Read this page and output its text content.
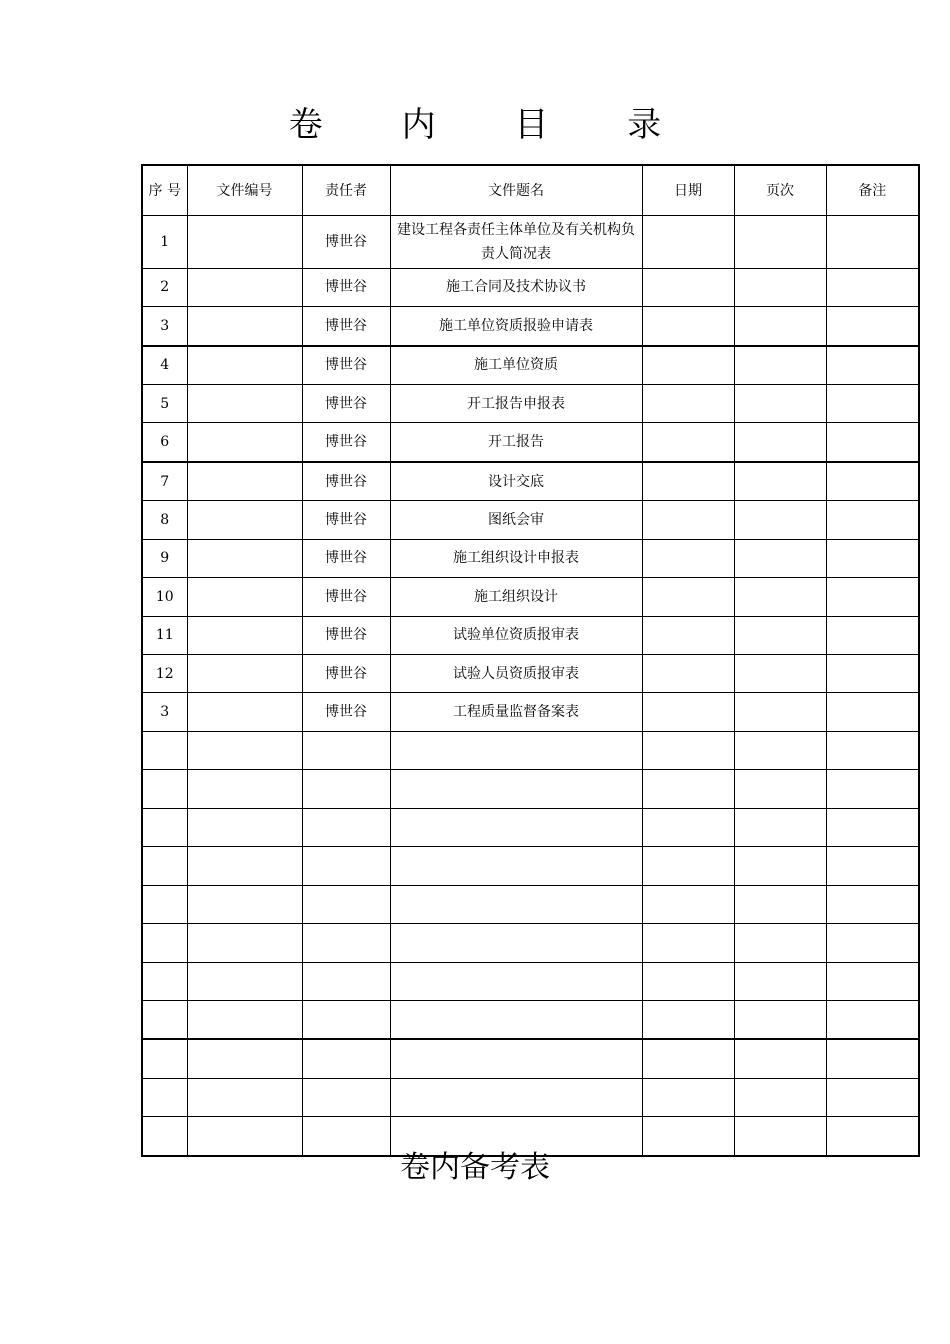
卷 内 目 录
序 号	文件编号	责任者	文件题名	日期	页次	备注
1		博世谷	建设工程各责任主体单位及有关机构负责人简况表			
2		博世谷	施工合同及技术协议书			
3		博世谷	施工单位资质报验申请表			
4		博世谷	施工单位资质			
5		博世谷	开工报告申报表			
6		博世谷	开工报告			
7		博世谷	设计交底			
8		博世谷	图纸会审			
9		博世谷	施工组织设计申报表			
10		博世谷	施工组织设计			
11		博世谷	试验单位资质报审表			
12		博世谷	试验人员资质报审表			
3		博世谷	工程质量监督备案表			

卷内备考表
